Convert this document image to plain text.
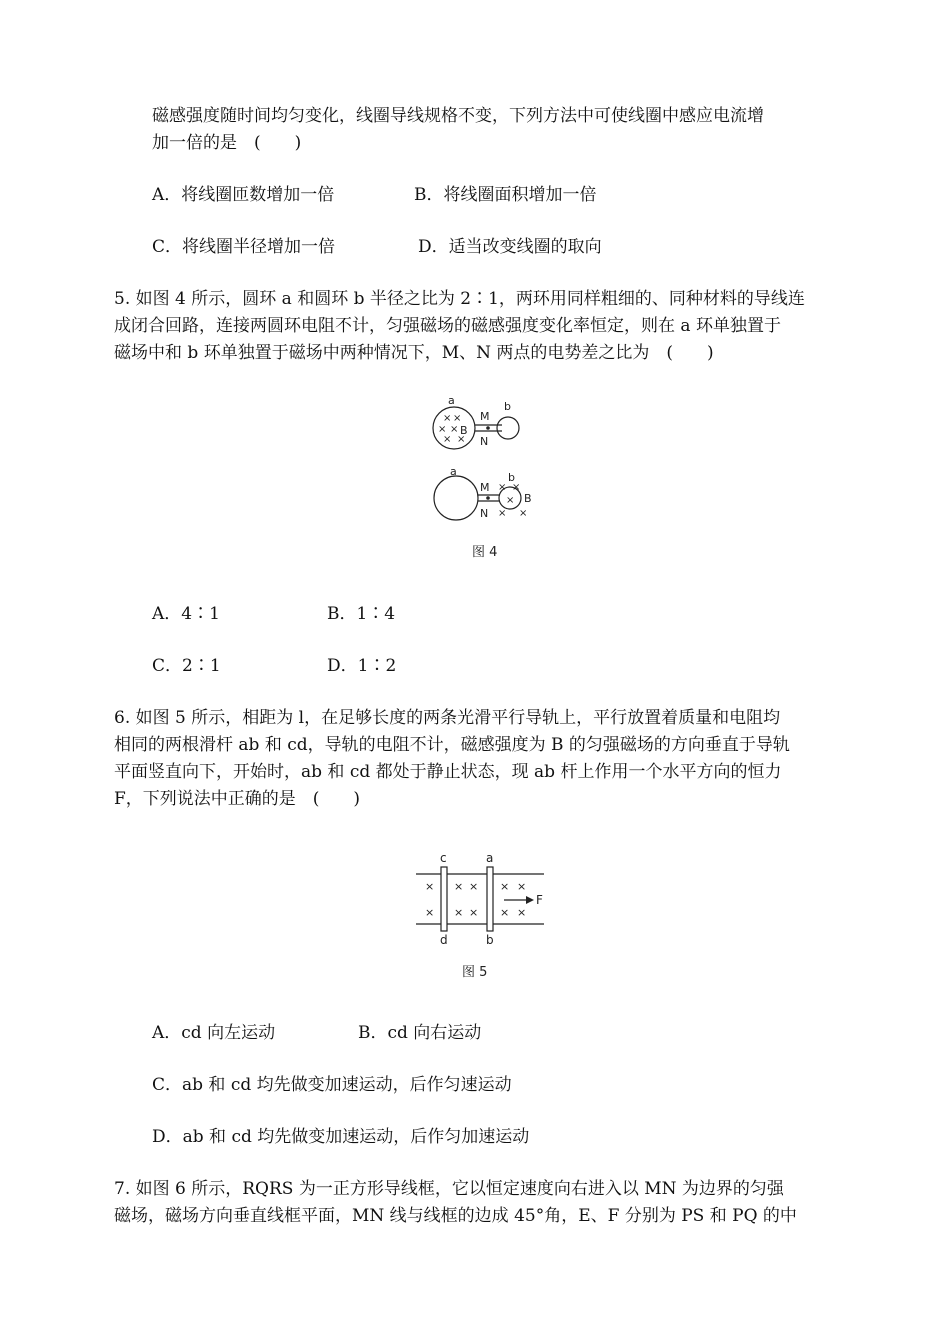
磁感强度随时间均匀变化，线圈导线规格不变，下列方法中可使线圈中感应电流增
加一倍的是　(　　)
A．将线圈匝数增加一倍	B．将线圈面积增加一倍
C．将线圈半径增加一倍	D．适当改变线圈的取向
5. 如图 4 所示，圆环 a 和圆环 b 半径之比为 2∶1，两环用同样粗细的、同种材料的导线连
成闭合回路，连接两圆环电阻不计，匀强磁场的磁感强度变化率恒定，则在 a 环单独置于
磁场中和 b 环单独置于磁场中两种情况下，M、N 两点的电势差之比为　(　　)
× ×
× ×
× ×
× ×
×
× ×
a	b
M
N
B
a	b
M
N
B
图 4
A．4∶1	B．1∶4
C．2∶1	D．1∶2
6. 如图 5 所示，相距为 l，在足够长度的两条光滑平行导轨上，平行放置着质量和电阻均
相同的两根滑杆 ab 和 cd，导轨的电阻不计，磁感强度为 B 的匀强磁场的方向垂直于导轨
平面竖直向下，开始时，ab 和 cd 都处于静止状态，现 ab 杆上作用一个水平方向的恒力
F，下列说法中正确的是　(　　)
×
×
× ×
× ×
× ×
× ×
c	a
d	b
F
图 5
A．cd 向左运动	B．cd 向右运动
C．ab 和 cd 均先做变加速运动，后作匀速运动
D．ab 和 cd 均先做变加速运动，后作匀加速运动
7. 如图 6 所示，RQRS 为一正方形导线框，它以恒定速度向右进入以 MN 为边界的匀强
磁场，磁场方向垂直线框平面，MN 线与线框的边成 45°角，E、F 分别为 PS 和 PQ 的中
